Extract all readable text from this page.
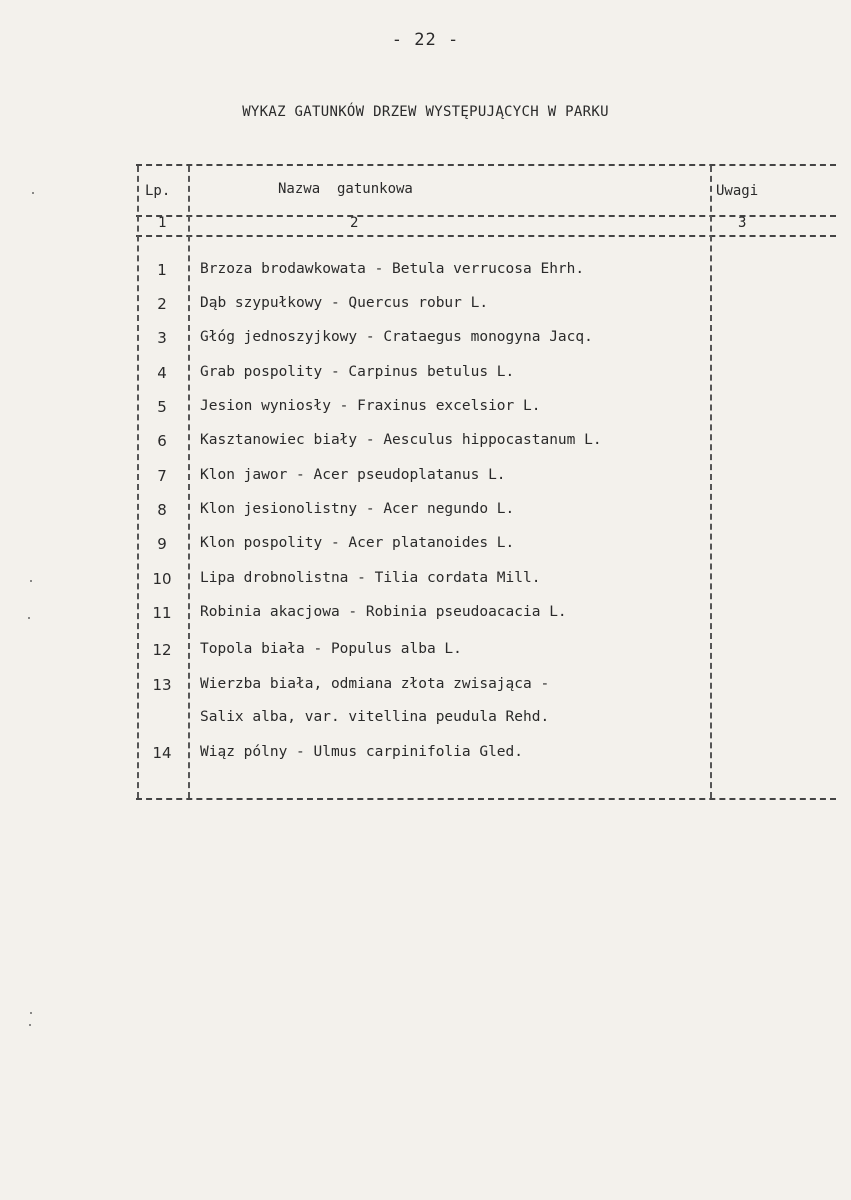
- 22 -
WYKAZ GATUNKÓW DRZEW WYSTĘPUJĄCYCH W PARKU
Lp.	Nazwa  gatunkowa	Uwagi
1	2	3
1	Brzoza brodawkowata - Betula verrucosa Ehrh.
2	Dąb szypułkowy - Quercus robur L.
3	Głóg jednoszyjkowy - Crataegus monogyna Jacq.
4	Grab pospolity - Carpinus betulus L.
5	Jesion wyniosły - Fraxinus excelsior L.
6	Kasztanowiec biały - Aesculus hippocastanum L.
7	Klon jawor - Acer pseudoplatanus L.
8	Klon jesionolistny - Acer negundo L.
9	Klon pospolity - Acer platanoides L.
10	Lipa drobnolistna - Tilia cordata Mill.
11	Robinia akacjowa - Robinia pseudoacacia L.
12	Topola biała - Populus alba L.
13	Wierzba biała, odmiana złota zwisająca -
Salix alba, var. vitellina peudula Rehd.
14	Wiąz pólny - Ulmus carpinifolia Gled.
